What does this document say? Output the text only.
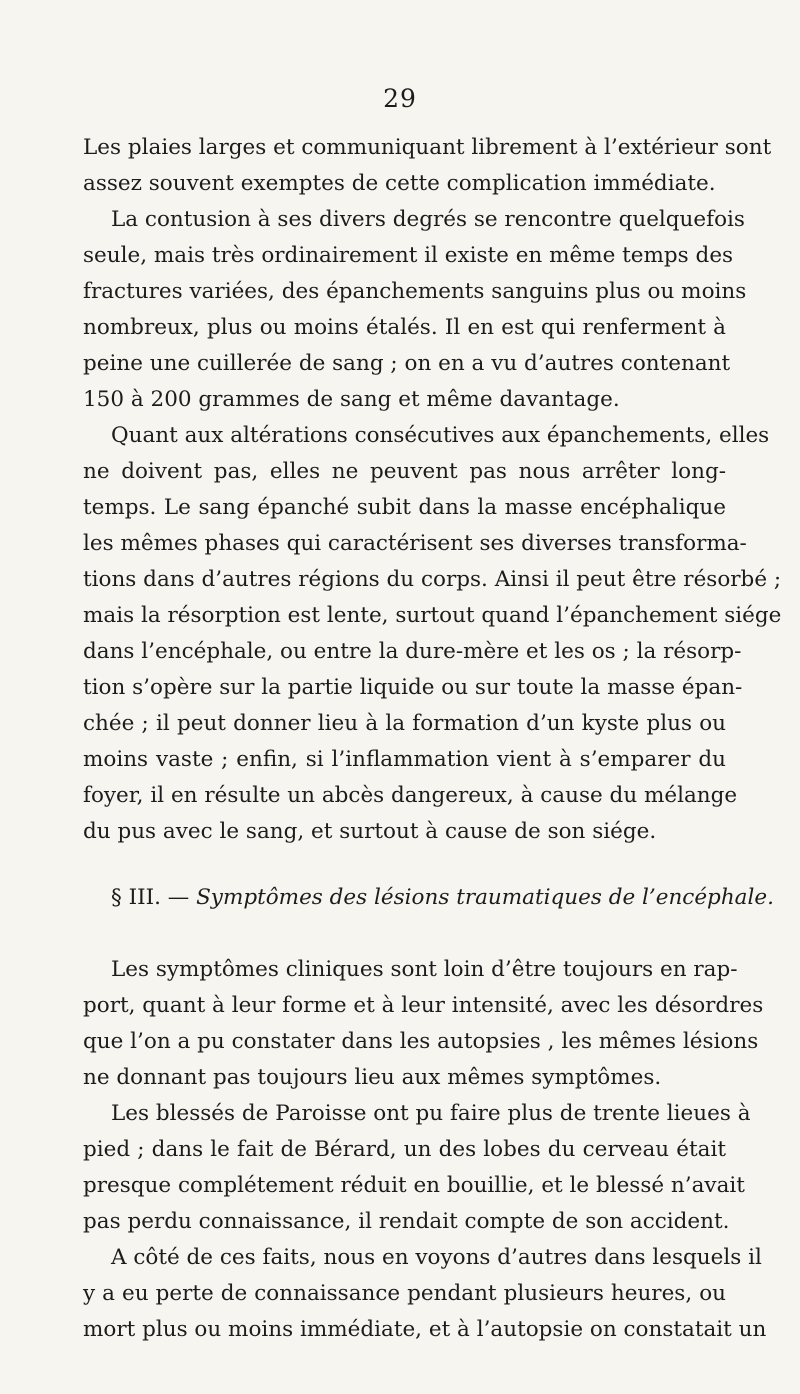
29
Les plaies larges et communiquant librement à l’extérieur sont
assez souvent exemptes de cette complication immédiate.
La contusion à ses divers degrés se rencontre quelquefois
seule, mais très ordinairement il existe en même temps des
fractures variées, des épanchements sanguins plus ou moins
nombreux, plus ou moins étalés. Il en est qui renferment à
peine une cuillerée de sang ; on en a vu d’autres contenant
150 à 200 grammes de sang et même davantage.
Quant aux altérations consécutives aux épanchements, elles
ne doivent pas, elles ne peuvent pas nous arrêter long-
temps. Le sang épanché subit dans la masse encéphalique
les mêmes phases qui caractérisent ses diverses transforma-
tions dans d’autres régions du corps. Ainsi il peut être résorbé ;
mais la résorption est lente, surtout quand l’épanchement siége
dans l’encéphale, ou entre la dure-mère et les os ; la résorp-
tion s’opère sur la partie liquide ou sur toute la masse épan-
chée ; il peut donner lieu à la formation d’un kyste plus ou
moins vaste ; enfin, si l’inflammation vient à s’emparer du
foyer, il en résulte un abcès dangereux, à cause du mélange
du pus avec le sang, et surtout à cause de son siége.
§ III. — Symptômes des lésions traumatiques de l’encéphale.
Les symptômes cliniques sont loin d’être toujours en rap-
port, quant à leur forme et à leur intensité, avec les désordres
que l’on a pu constater dans les autopsies , les mêmes lésions
ne donnant pas toujours lieu aux mêmes symptômes.
Les blessés de Paroisse ont pu faire plus de trente lieues à
pied ; dans le fait de Bérard, un des lobes du cerveau était
presque complétement réduit en bouillie, et le blessé n’avait
pas perdu connaissance, il rendait compte de son accident.
A côté de ces faits, nous en voyons d’autres dans lesquels il
y a eu perte de connaissance pendant plusieurs heures, ou
mort plus ou moins immédiate, et à l’autopsie on constatait un
